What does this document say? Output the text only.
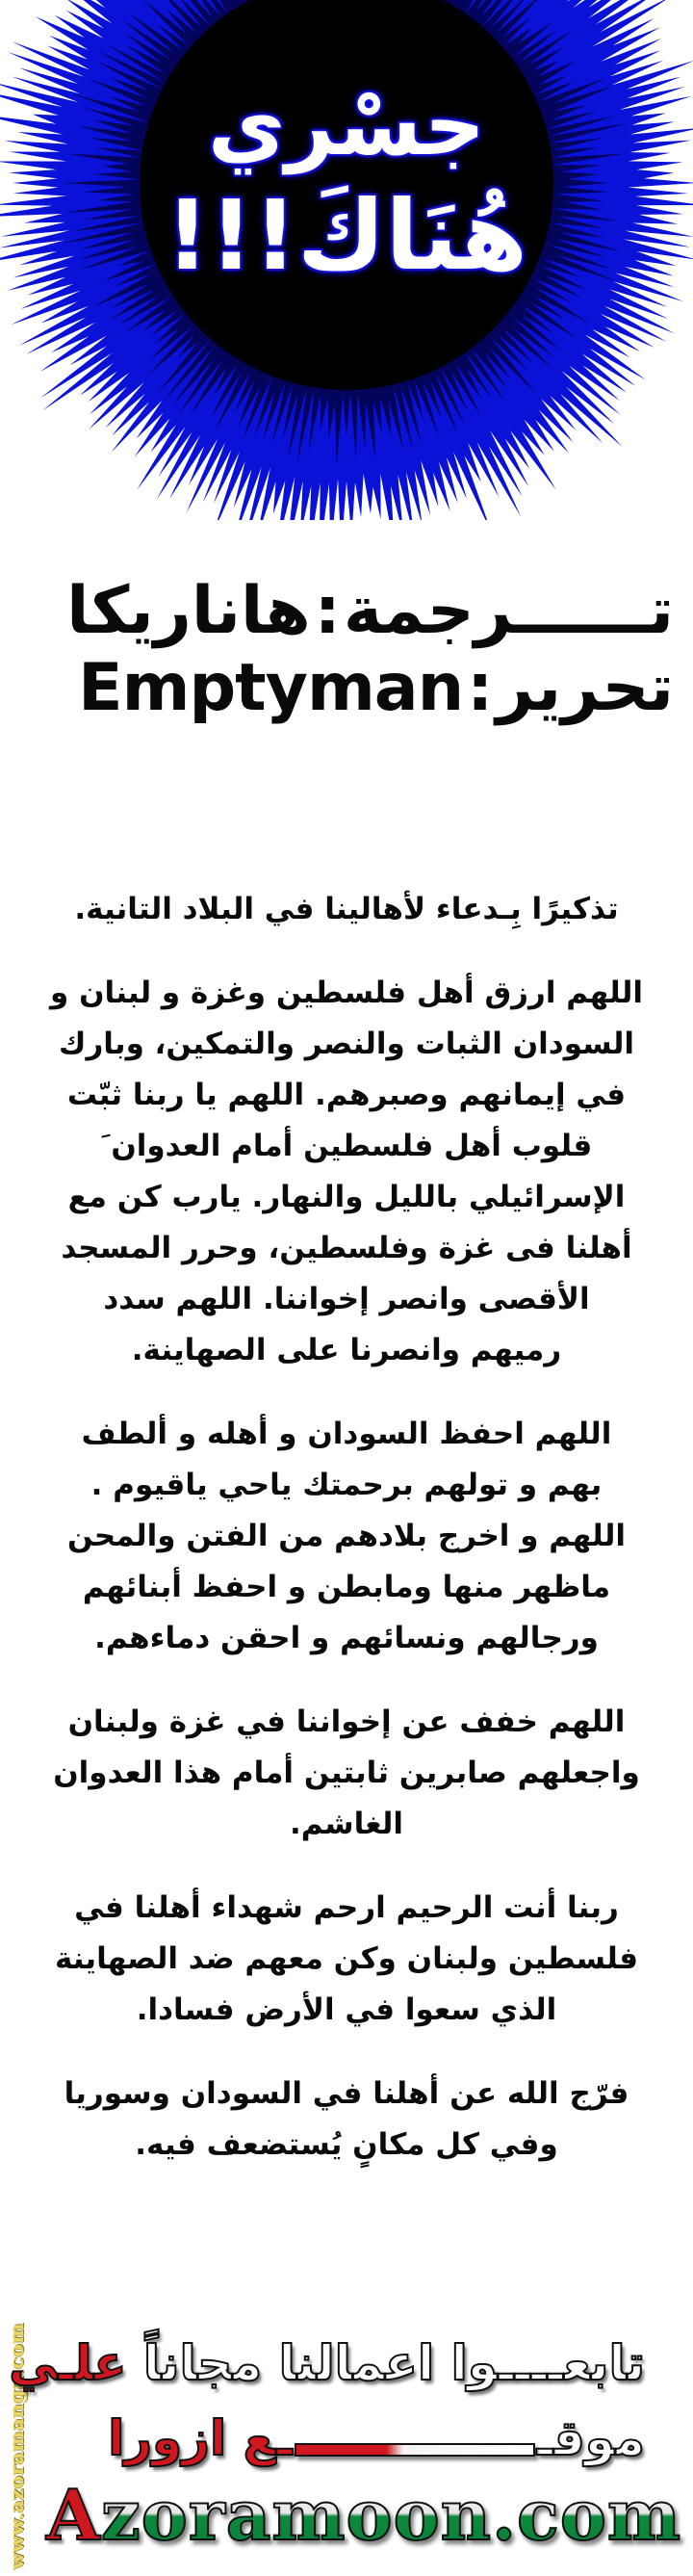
جسْري
هُنَاكَ!!!
تــــــرجمة
:
هاناريكا
تحرير
:
Emptyman
تذكيرًا بِـدعاء لأهالينا في البلاد التانية.
اللهم ارزق أهل فلسطين وغزة و لبنان و
السودان الثبات والنصر والتمكين، وبارك
في إيمانهم وصبرهم. اللهم يا ربنا ثبّت
قلوب أهل فلسطين أمام العدوان َ
الإسرائيلي بالليل والنهار. يارب كن مع
أهلنا فى غزة وفلسطين، وحرر المسجد
الأقصى وانصر إخواننا. اللهم سدد
رميهم وانصرنا على الصهاينة.
اللهم احفظ السودان و أهله و ألطف
بهم و تولهم برحمتك ياحي ياقيوم .
اللهم و اخرج بلادهم من الفتن والمحن
ماظهر منها ومابطن و احفظ أبنائهم
ورجالهم ونسائهم و احقن دماءهم.
اللهم خفف عن إخواننا في غزة ولبنان
واجعلهم صابرين ثابتين أمام هذا العدوان
الغاشم.
ربنا أنت الرحيم ارحم شهداء أهلنا في
فلسطين ولبنان وكن معهم ضد الصهاينة
الذي سعوا في الأرض فسادا.
فرّج الله عن أهلنا في السودان وسوريا
وفي كل مكانٍ يُستضعف فيه.
www.azoramanga.com	تابعــــوا اعمالنا مجاناً علـي
موقــع ازورا
Azoramoon.com
